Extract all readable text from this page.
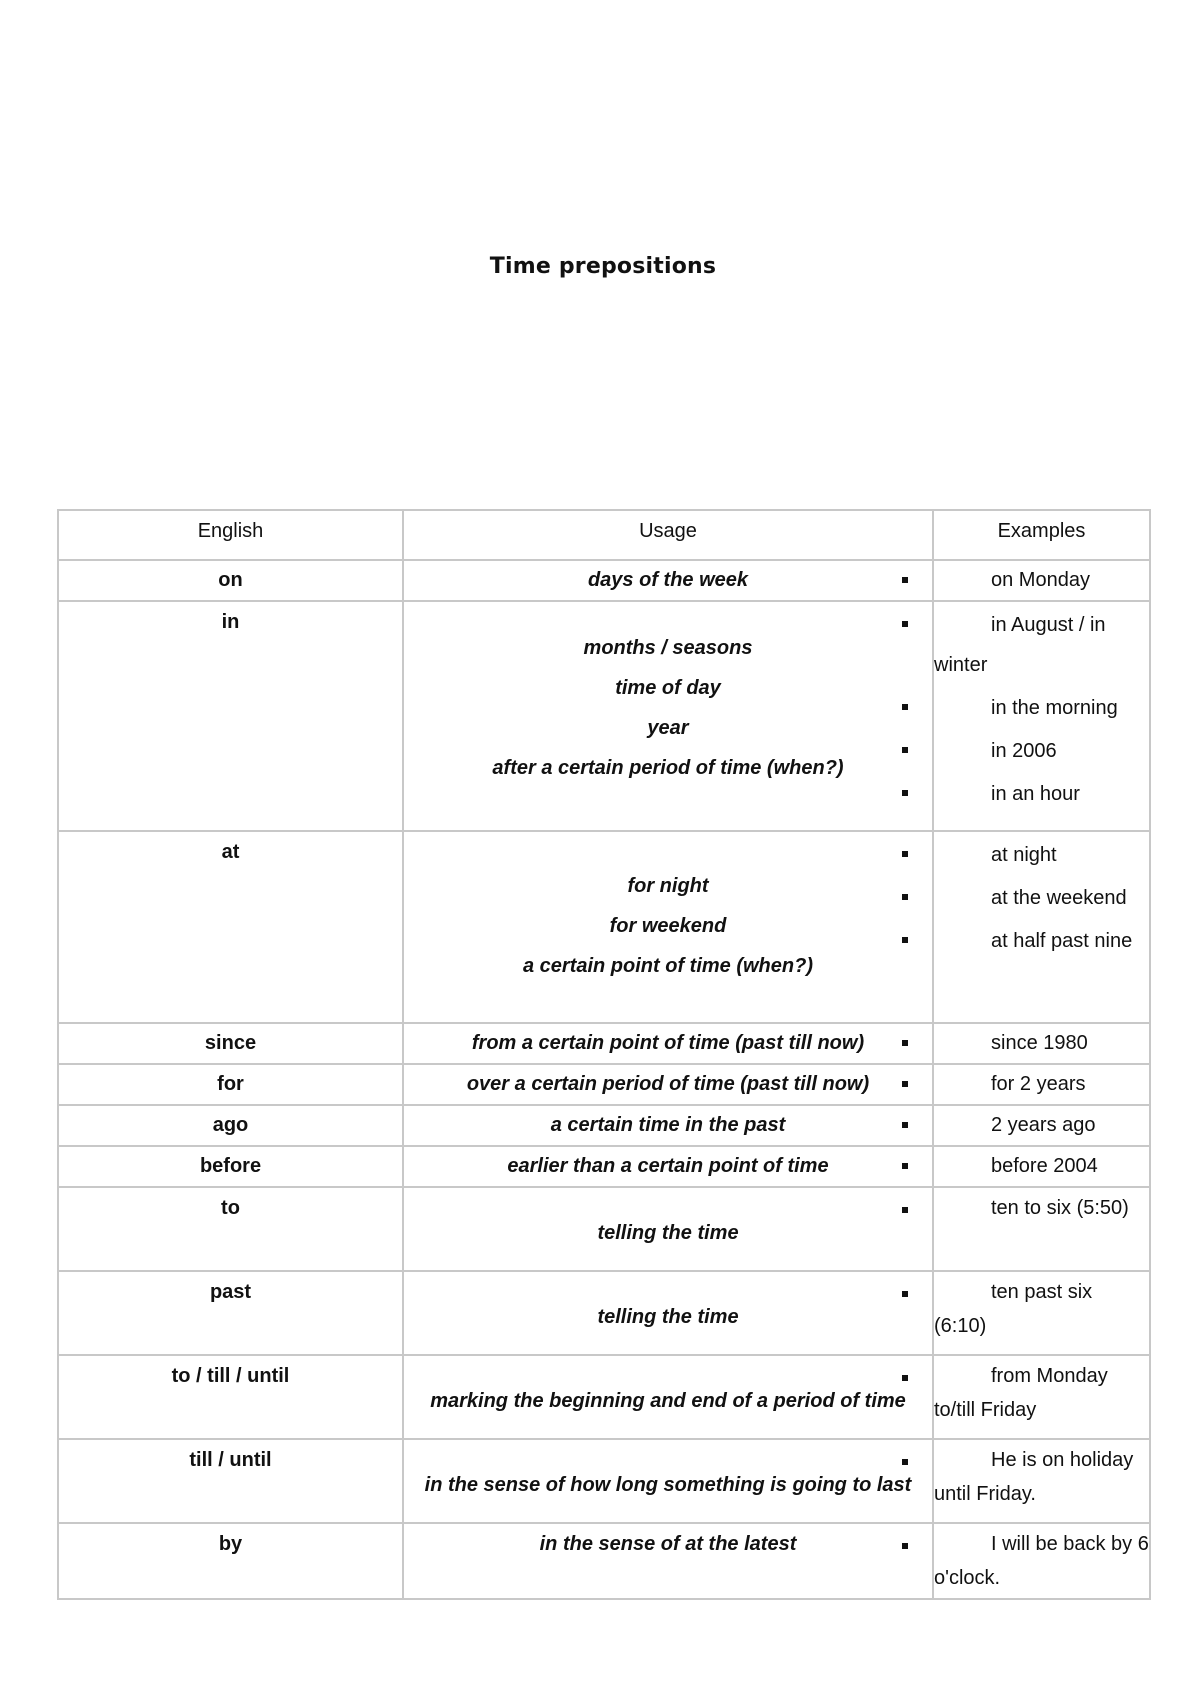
Time prepositions
English	Usage	Examples
on	days of the week	on Monday

in	months / seasons
time of day
year
after a certain period of time (when?)	in August / in winter
in the morning
in 2006
in an hour

at	for night
for weekend
a certain point of time (when?)	at night
at the weekend
at half past nine

since	from a certain point of time (past till now)	since 1980

for	over a certain period of time (past till now)	for 2 years

ago	a certain time in the past	2 years ago

before	earlier than a certain point of time	before 2004

to	telling the time	ten to six (5:50)

past	telling the time	ten past six (6:10)

to / till / until	marking the beginning and end of a period of time	from Monday to/till Friday

till / until	in the sense of how long something is going to last	He is on holiday until Friday.

by	in the sense of at the latest	I will be back by 6 o'clock.
